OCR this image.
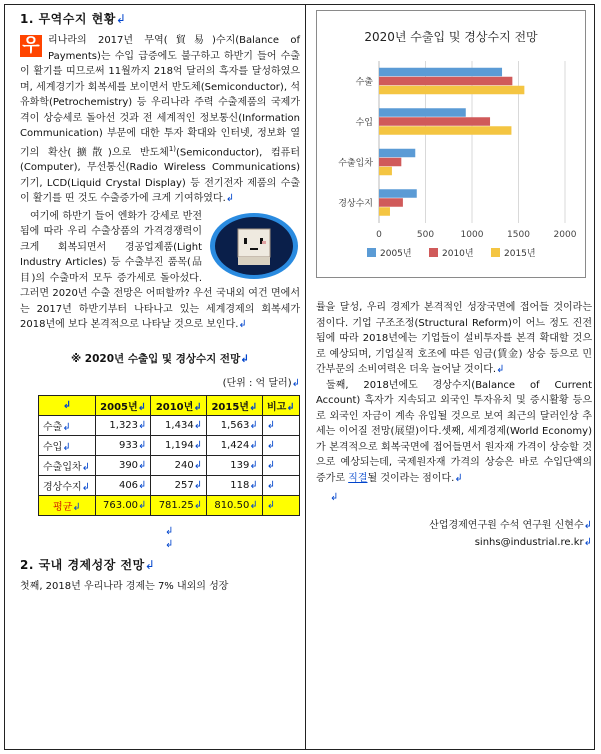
1. 무역수지 현황↲

우 리나라의 2017년 무역(貿易)수지(Balance of Payments)는 수입 급증에도 불구하고 하반기 들어 수출이 활기를 띠므로써 11월까지 218억 달러의 흑자를 달성하였으며, 세계경기가 회복세를 보이면서 반도체(Semiconductor), 석유화학(Petrochemistry) 등 우리나라 주력 수출제품의 국제가격이 상승세로 돌아선 것과 전 세계적인 정보통신(Information Communication) 부문에 대한 투자 확대와 인터넷, 정보화 열기의 확산(擴散)으로 반도체$^{1)}$(Semiconductor), 컴퓨터(Computer), 무선통신(Radio Wireless Communications) 기기, LCD(Liquid Crystal Display) 등 전기전자 제품의 수출이 활기를 띤 것도 수출증가에 크게 기여하였다.↲

여기에 하반기 들어 엔화가 강세로 반전됨에 따라 우리 수출상품의 가격경쟁력이 크게 회복되면서 경공업제품(Light Industry Articles) 등 수출부진 품목(品目)의 수출마저 모두 증가세로 돌아섰다. 그러면 2020년 수출 전망은 어떠할까? 우선 국내외 여건 면에서는 2017년 하반기부터 나타나고 있는 세계경제의 회복세가 2018년에 보다 본격적으로 나타날 것으로 보인다.↲

※ 2020년 수출입 및 경상수지 전망↲
(단위 : 억 달러)↲
↲	2005년↲	2010년↲	2015년↲	비고↲
수출↲	1,323↲	1,434↲	1,563↲	↲
수입↲	933↲	1,194↲	1,424↲	↲
수출입차↲	390↲	240↲	139↲	↲
경상수지↲	406↲	257↲	118↲	↲
평균↲	763.00↲	781.25↲	810.50↲	↲
↲
↲
2. 국내 경제성장 전망↲

첫째, 2018년 우리나라 경제는 7% 내외의 성장

2020년 수출입 및 경상수지 전망
수출
수입
수출입차
경상수지
0	500	1000	1500	2000
2005년	2010년	2015년

률을 달성, 우리 경제가 본격적인 성장국면에 접어들 것이라는 점이다. 기업 구조조정(Structural Reform)이 어느 정도 진전됨에 따라 2018년에는 기업들이 설비투자를 본격 확대할 것으로 예상되며, 기업실적 호조에 따른 임금(賃金) 상승 등으로 민간부문의 소비여력은 더욱 늘어날 것이다.↲

둘째, 2018년에도 경상수지(Balance of Current Account) 흑자가 지속되고 외국인 투자유치 및 증시활황 등으로 외국인 자금이 계속 유입될 것으로 보여 최근의 달러인상 추세는 이어질 전망(展望)이다.셋째, 세계경제(World Economy)가 본격적으로 회복국면에 접어들면서 원자재 가격이 상승할 것으로 예상되는데, 국제원자재 가격의 상승은 바로 수입단액의 증가로 직결될 것이라는 점이다.↲

↲
산업경제연구원 수석 연구원 신현수↲
sinhs@industrial.re.kr↲
